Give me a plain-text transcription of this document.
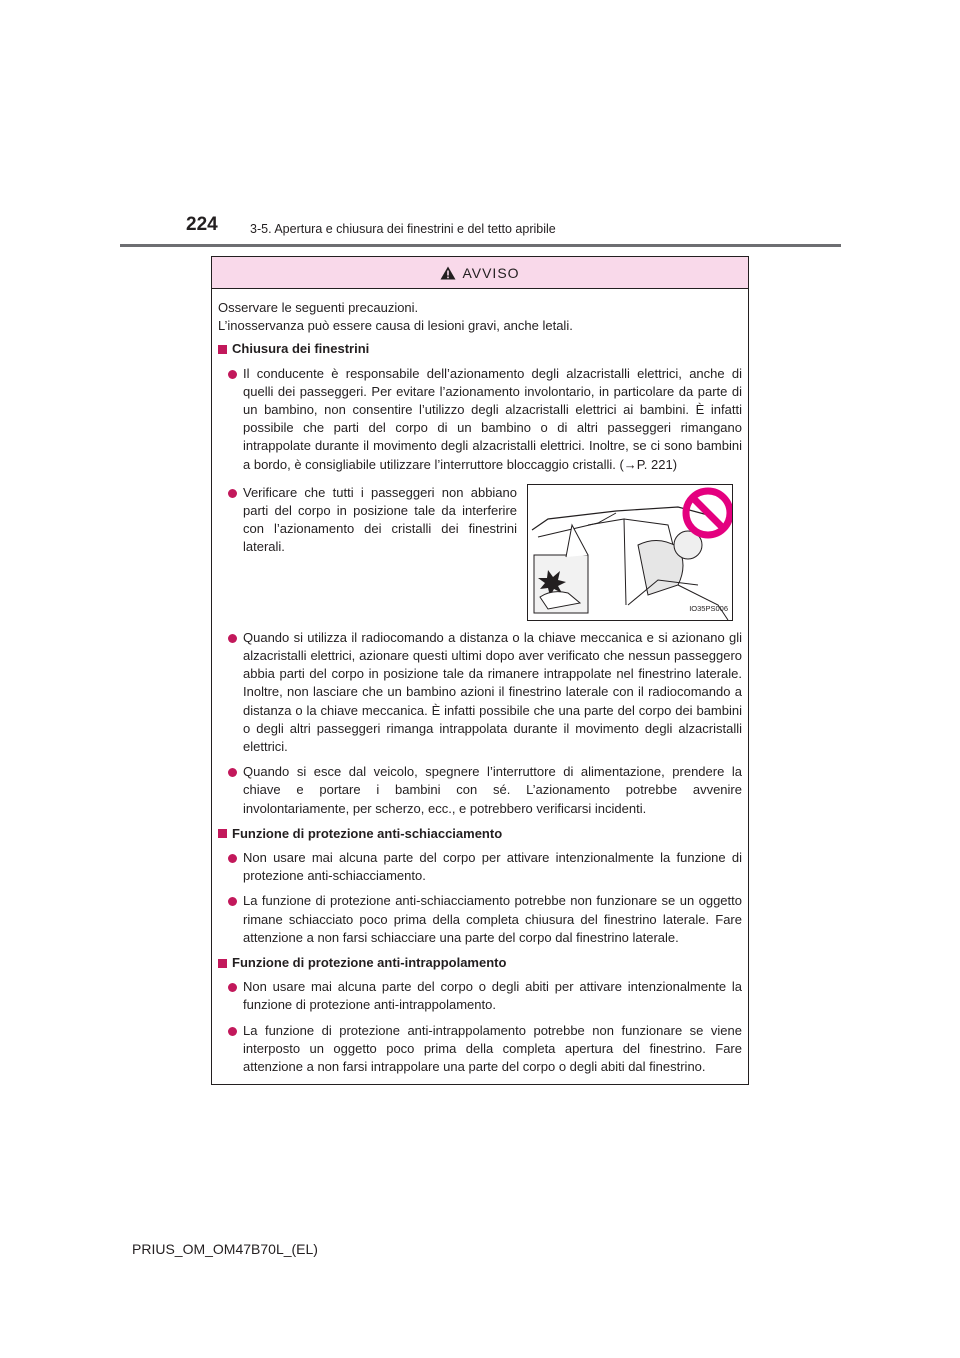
224	3-5. Apertura e chiusura dei finestrini e del tetto apribile
AVVISO

Osservare le seguenti precauzioni.

L’inosservanza può essere causa di lesioni gravi, anche letali.

Chiusura dei finestrini
Il conducente è responsabile dell’azionamento degli alzacristalli elettrici, anche di quelli dei passeggeri. Per evitare l’azionamento involontario, in particolare da parte di un bambino, non consentire l’utilizzo degli alzacristalli elettrici ai bambini. È infatti possibile che parti del corpo di un bambino o di altri passeggeri rimangano intrappolate durante il movimento degli alzacristalli elettrici. Inoltre, se ci sono bambini a bordo, è consigliabile utilizzare l’interruttore bloccaggio cristalli. (→P. 221)
Verificare che tutti i passeggeri non abbiano parti del corpo in posizione tale da interferire con l’azionamento dei cristalli dei finestrini laterali.
IO35PS006
Quando si utilizza il radiocomando a distanza o la chiave meccanica e si azionano gli alzacristalli elettrici, azionare questi ultimi dopo aver verificato che nessun passeggero abbia parti del corpo in posizione tale da rimanere intrappolate nel finestrino laterale. Inoltre, non lasciare che un bambino azioni il finestrino laterale con il radiocomando a distanza o la chiave meccanica. È infatti possibile che una parte del corpo dei bambini o degli altri passeggeri rimanga intrappolata durante il movimento degli alzacristalli elettrici.
Quando si esce dal veicolo, spegnere l’interruttore di alimentazione, prendere la chiave e portare i bambini con sé. L’azionamento potrebbe avvenire involontariamente, per scherzo, ecc., e potrebbero verificarsi incidenti.
Funzione di protezione anti-schiacciamento
Non usare mai alcuna parte del corpo per attivare intenzionalmente la funzione di protezione anti-schiacciamento.
La funzione di protezione anti-schiacciamento potrebbe non funzionare se un oggetto rimane schiacciato poco prima della completa chiusura del finestrino laterale. Fare attenzione a non farsi schiacciare una parte del corpo dal finestrino laterale.
Funzione di protezione anti-intrappolamento
Non usare mai alcuna parte del corpo o degli abiti per attivare intenzionalmente la funzione di protezione anti-intrappolamento.
La funzione di protezione anti-intrappolamento potrebbe non funzionare se viene interposto un oggetto poco prima della completa apertura del finestrino. Fare attenzione a non farsi intrappolare una parte del corpo o degli abiti dal finestrino.
PRIUS_OM_OM47B70L_(EL)
